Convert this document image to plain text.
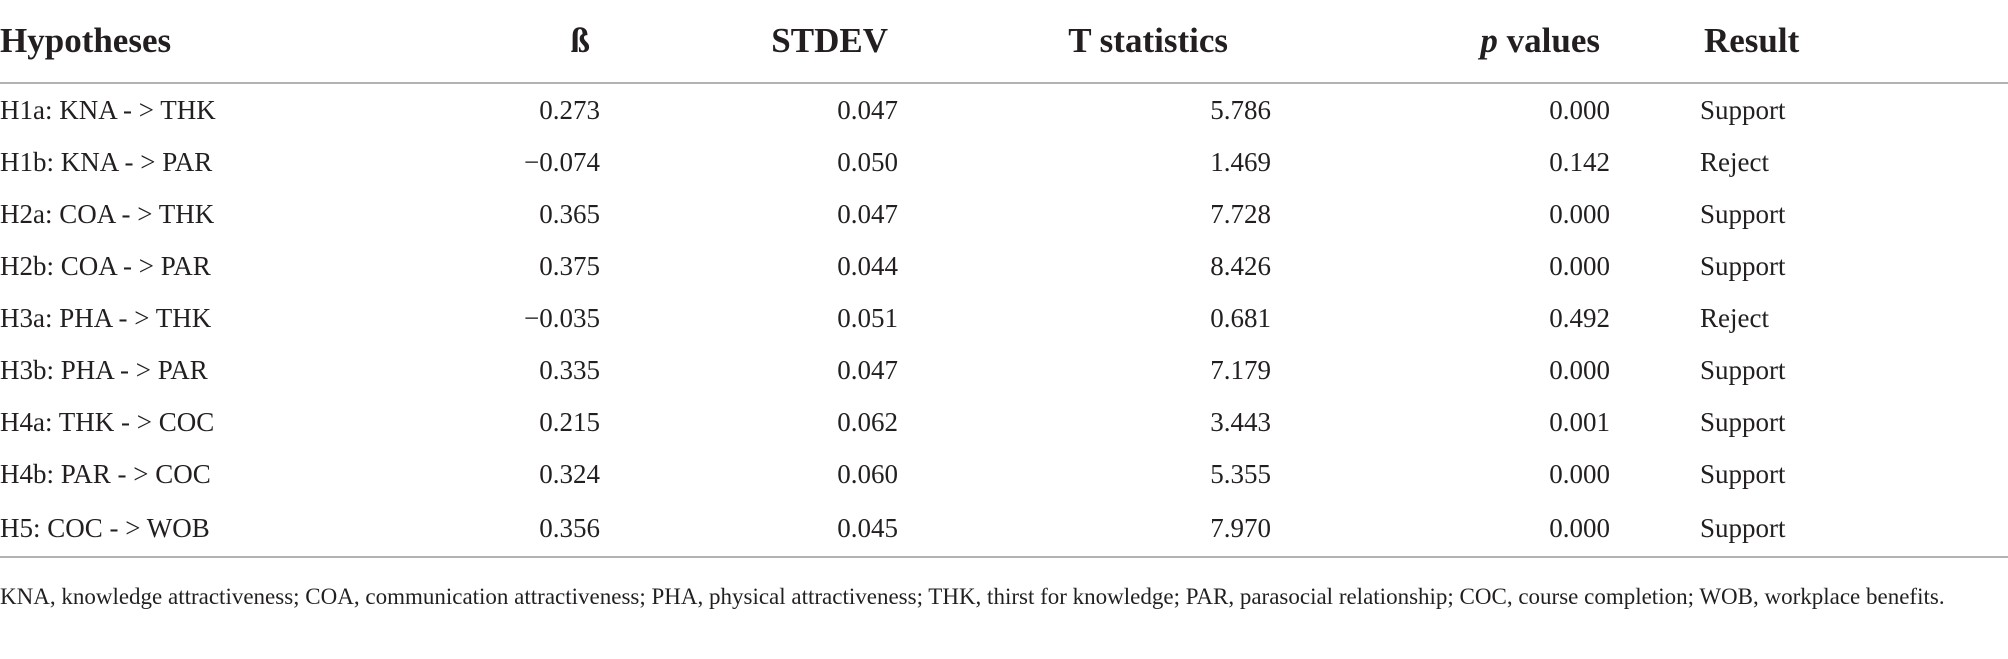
Hypotheses	ß	STDEV	T statistics	p values	Result
H1a: KNA - > THK	0.273	0.047	5.786	0.000	Support
H1b: KNA - > PAR	−0.074	0.050	1.469	0.142	Reject
H2a: COA - > THK	0.365	0.047	7.728	0.000	Support
H2b: COA - > PAR	0.375	0.044	8.426	0.000	Support
H3a: PHA - > THK	−0.035	0.051	0.681	0.492	Reject
H3b: PHA - > PAR	0.335	0.047	7.179	0.000	Support
H4a: THK - > COC	0.215	0.062	3.443	0.001	Support
H4b: PAR - > COC	0.324	0.060	5.355	0.000	Support
H5: COC - > WOB	0.356	0.045	7.970	0.000	Support
KNA, knowledge attractiveness; COA, communication attractiveness; PHA, physical attractiveness; THK, thirst for knowledge; PAR, parasocial relationship; COC, course completion; WOB, workplace benefits.
